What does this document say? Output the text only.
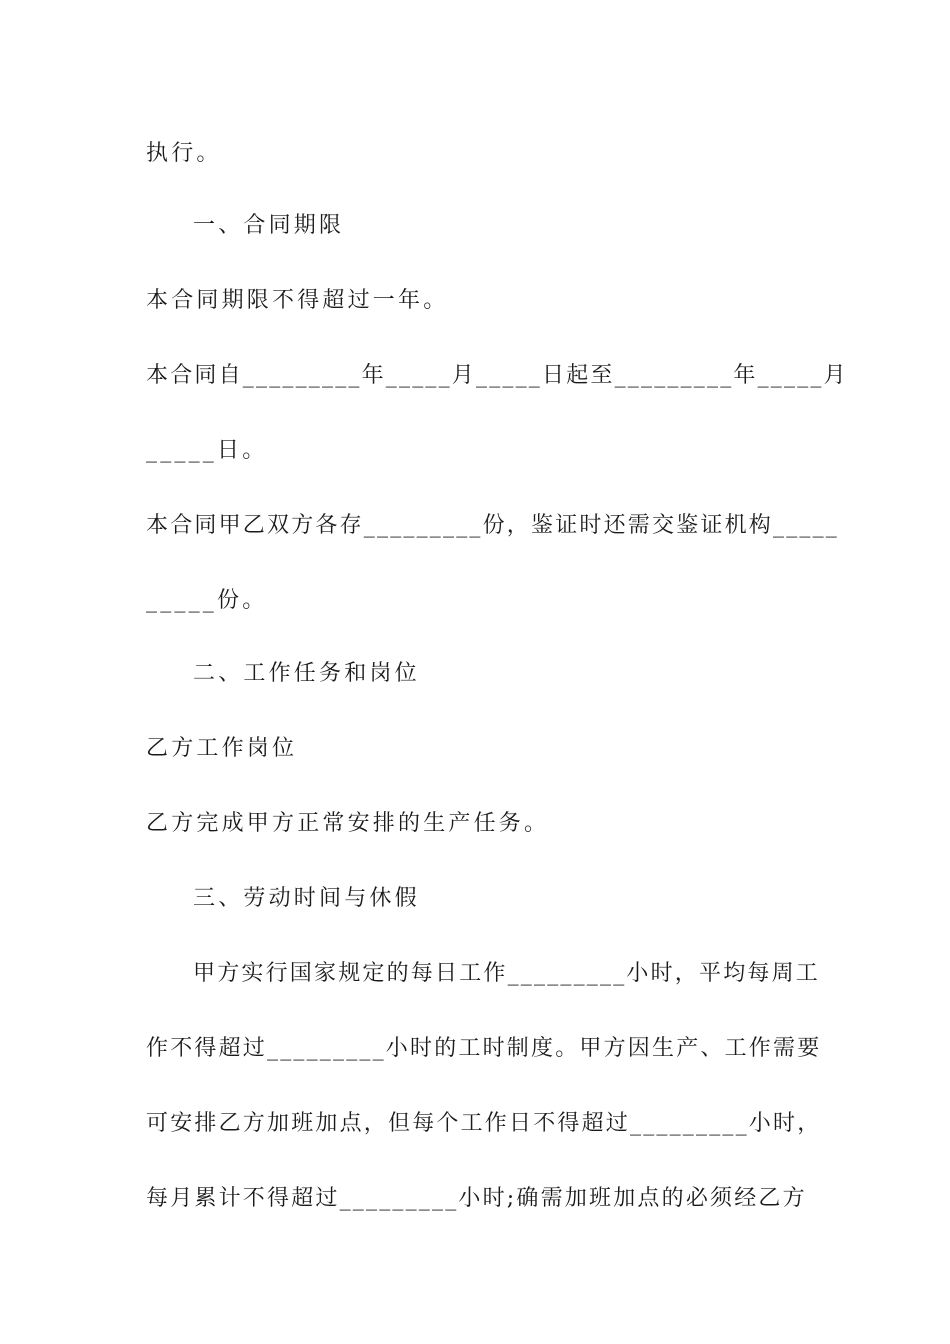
执行。
一、合同期限
本合同期限不得超过一年。
本合同自_________年_____月_____日起至_________年_____月
_____日。
本合同甲乙双方各存_________份，鉴证时还需交鉴证机构_____
_____份。
二、工作任务和岗位
乙方工作岗位
乙方完成甲方正常安排的生产任务。
三、劳动时间与休假
甲方实行国家规定的每日工作_________小时，平均每周工
作不得超过_________小时的工时制度。甲方因生产、工作需要
可安排乙方加班加点，但每个工作日不得超过_________小时，
每月累计不得超过_________小时;确需加班加点的必须经乙方
